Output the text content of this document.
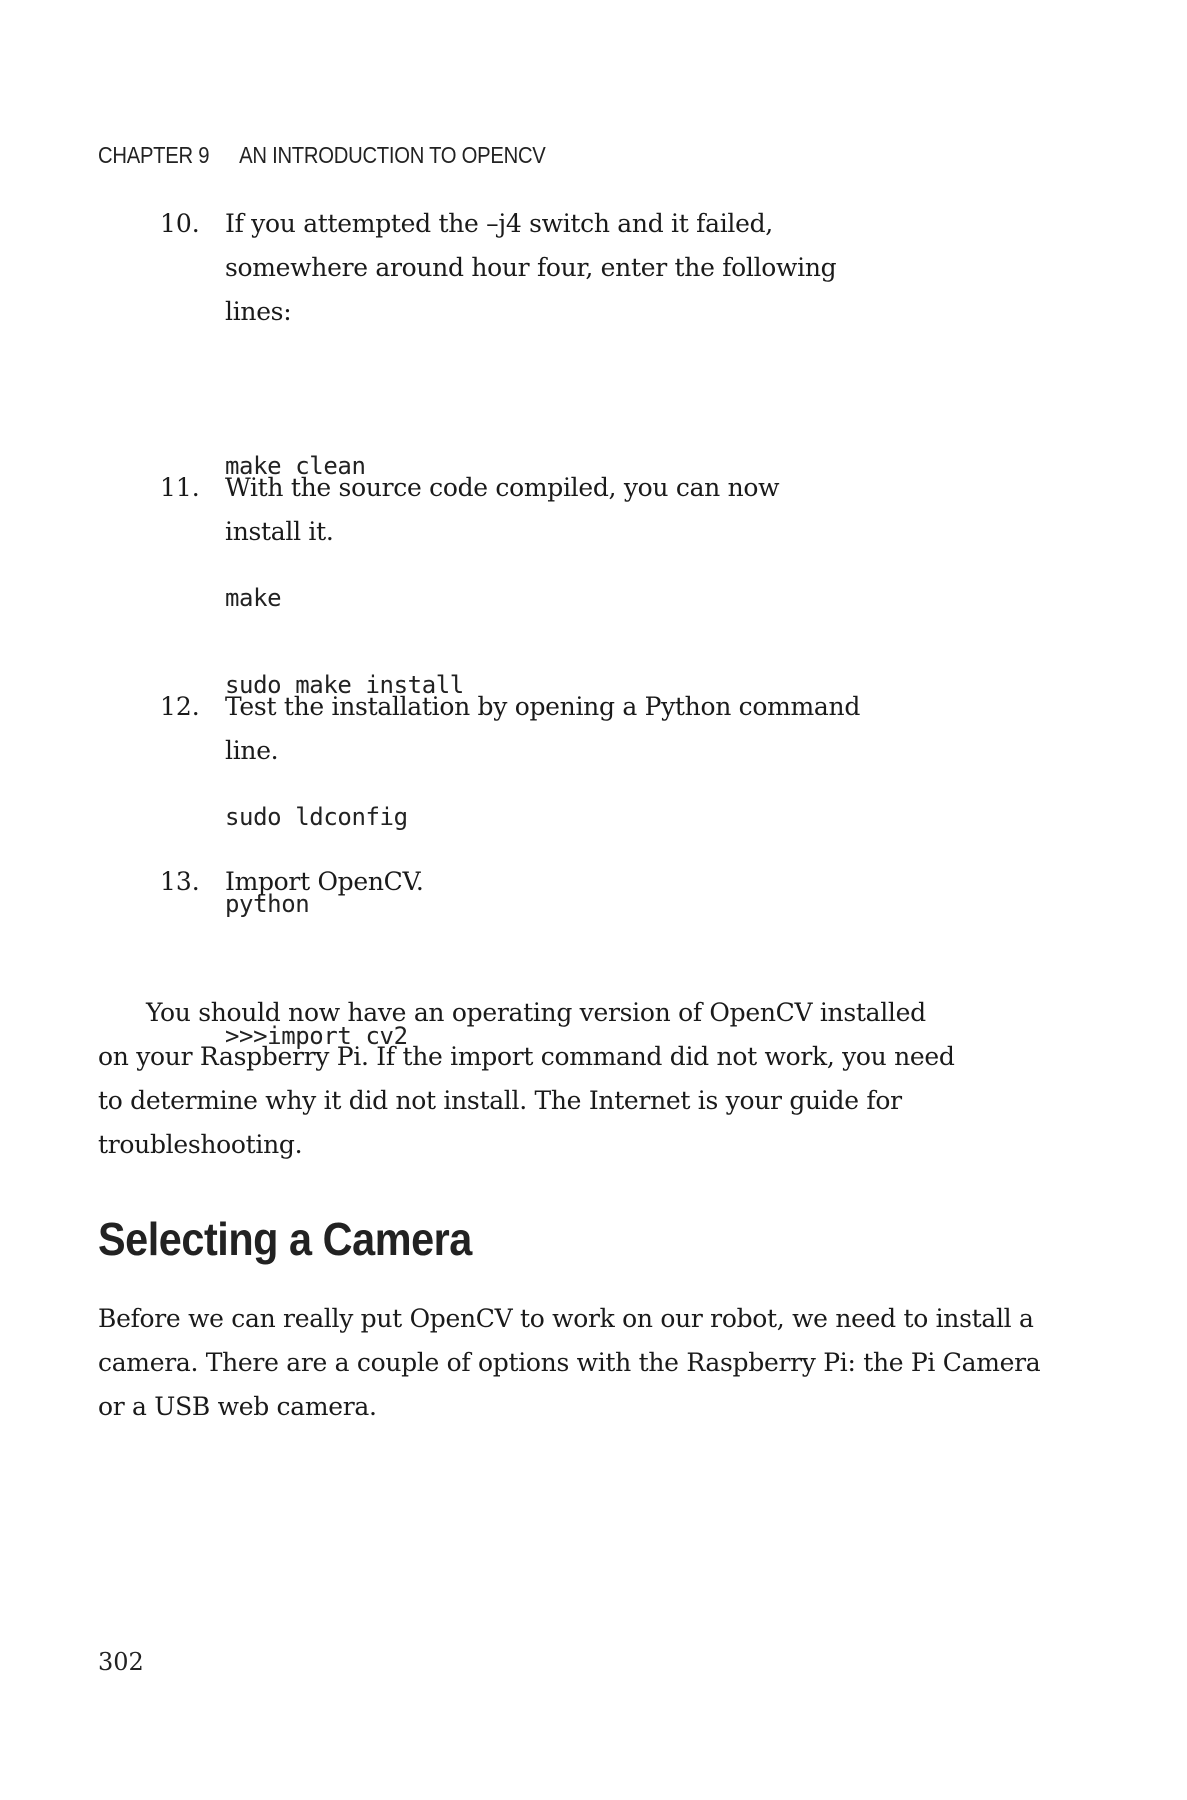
CHAPTER 9 AN INTRODUCTION TO OPENCV
10. If you attempted the –j4 switch and it failed,
somewhere around hour four, enter the following
lines:

make clean

make

11. With the source code compiled, you can now
install it.

sudo make install

sudo ldconfig

12. Test the installation by opening a Python command
line.

python

13. Import OpenCV.

>>>import cv2

You should now have an operating version of OpenCV installed
on your Raspberry Pi. If the import command did not work, you need
to determine why it did not install. The Internet is your guide for
troubleshooting.
Selecting a Camera
Before we can really put OpenCV to work on our robot, we need to install a
camera. There are a couple of options with the Raspberry Pi: the Pi Camera
or a USB web camera.
302
